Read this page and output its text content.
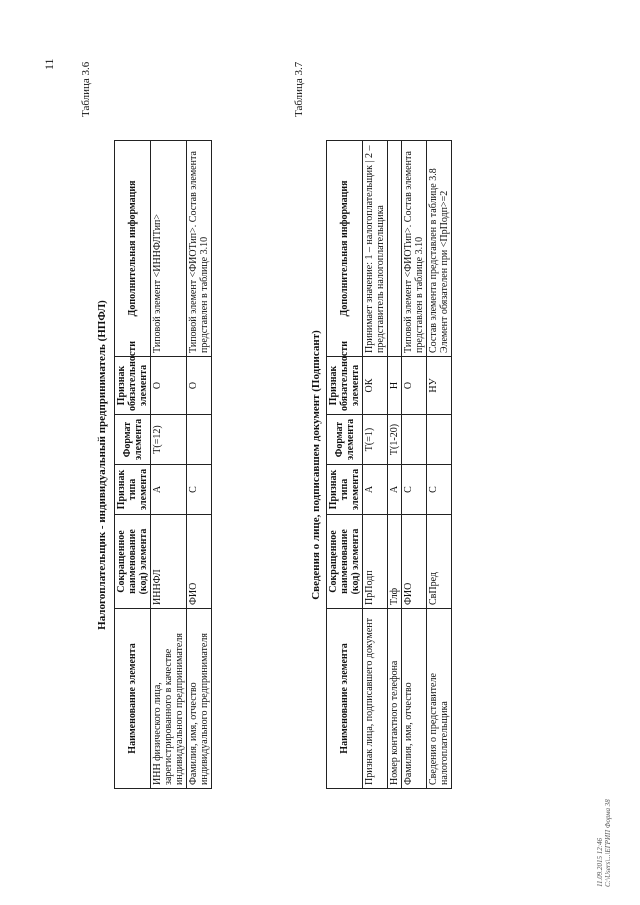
11 Таблица 3.6
Налогоплательщик - индивидуальный предприниматель (НПФЛ)
Наименование элемента	Сокращенное наименование (код) элемента	Признак типа элемента	Формат элемента	Признак обязательности элемента	Дополнительная информация
ИНН физического лица, зарегистрированного в качестве индивидуального предпринимателя	ИННФЛ	A	T(=12)	O	Типовой элемент <ИННФЛТип>
Фамилия, имя, отчество индивидуального предпринимателя	ФИО	C		O	Типовой элемент <ФИОТип>. Состав элемента представлен в таблице 3.10
Таблица 3.7
Сведения о лице, подписавшем документ (Подписант)
Наименование элемента	Сокращенное наименование (код) элемента	Признак типа элемента	Формат элемента	Признак обязательности элемента	Дополнительная информация
Признак лица, подписавшего документ	ПрПодп	A	T(=1)	ОК	Принимает значение: 1 – налогоплательщик | 2 – представитель налогоплательщика
Номер контактного телефона	Тлф	A	T(1-20)	Н	
Фамилия, имя, отчество	ФИО	C		O	Типовой элемент <ФИОТип>. Состав элемента представлен в таблице 3.10
Сведения о представителе налогоплательщика	СвПред	C		НУ	Состав элемента представлен в таблице 3.8 Элемент обязателен при <ПрПодп>=2
11.09.2015 12:46 C:\Users\...\ЕГРИП Форма 38
